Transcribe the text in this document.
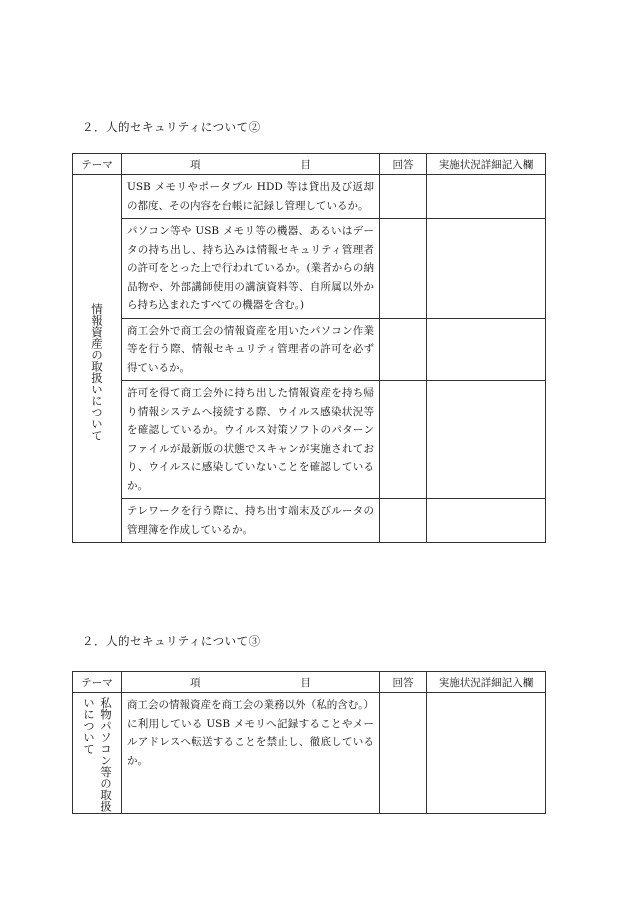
２．人的セキュリティについて②
テーマ	項 目	回答	実施状況詳細記入欄

情報資産の取扱いについて	USB メモリやポータブル HDD 等は貸出及び返却の都度、その内容を台帳に記録し管理しているか。		

	パソコン等や USB メモリ等の機器、あるいはデータの持ち出し、持ち込みは情報セキュリティ管理者の許可をとった上で行われているか。(業者からの納品物や、外部講師使用の講演資料等、自所属以外から持ち込まれたすべての機器を含む。)		

	商工会外で商工会の情報資産を用いたパソコン作業等を行う際、情報セキュリティ管理者の許可を必ず得ているか。		

	許可を得て商工会外に持ち出した情報資産を持ち帰り情報システムへ接続する際、ウイルス感染状況等を確認しているか。ウイルス対策ソフトのパターンファイルが最新版の状態でスキャンが実施されており、ウイルスに感染していないことを確認しているか。		

	テレワークを行う際に、持ち出す端末及びルータの管理簿を作成しているか。		

２．人的セキュリティについて③
テーマ	項 目	回答	実施状況詳細記入欄

私物パソコン等の取扱いについて	商工会の情報資産を商工会の業務以外（私的含む。）に利用している USB メモリへ記録することやメールアドレスへ転送することを禁止し、徹底しているか。		
